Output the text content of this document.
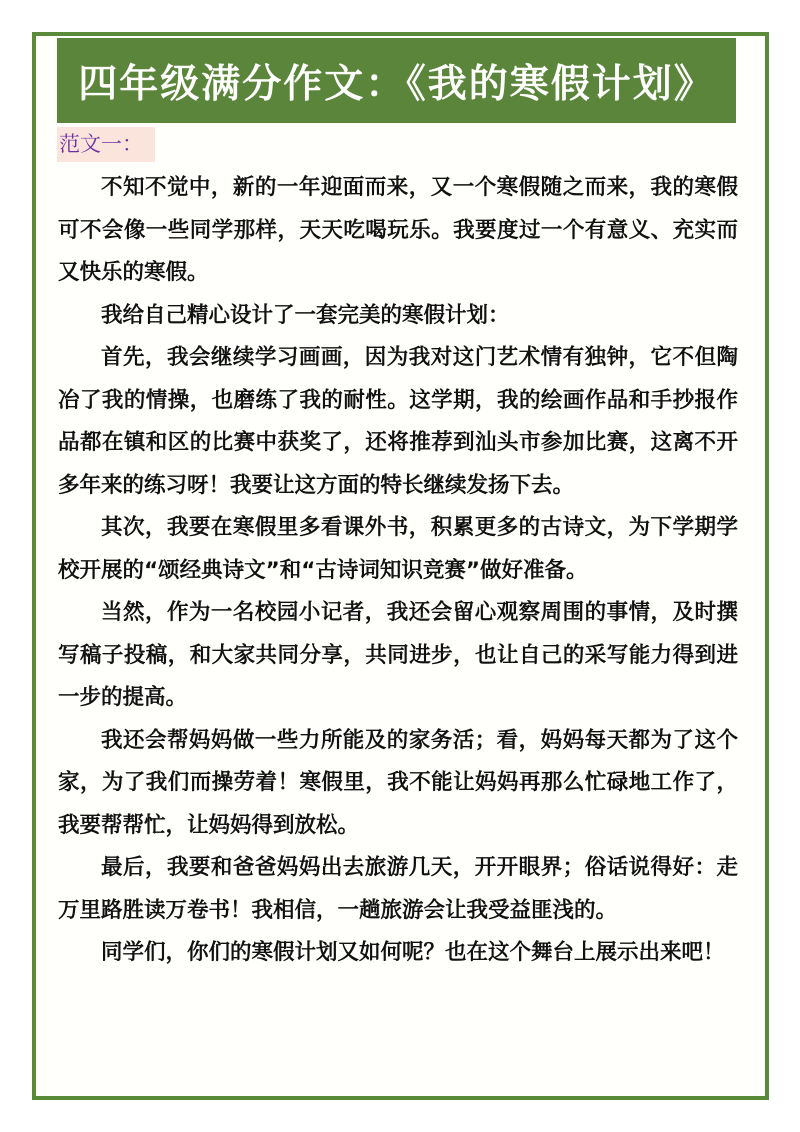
四年级满分作文：《我的寒假计划》
范文一：

不知不觉中，新的一年迎面而来，又一个寒假随之而来，我的寒假可不会像一些同学那样，天天吃喝玩乐。我要度过一个有意义、充实而又快乐的寒假。

我给自己精心设计了一套完美的寒假计划：

首先，我会继续学习画画，因为我对这门艺术情有独钟，它不但陶冶了我的情操，也磨练了我的耐性。这学期，我的绘画作品和手抄报作品都在镇和区的比赛中获奖了，还将推荐到汕头市参加比赛，这离不开多年来的练习呀！我要让这方面的特长继续发扬下去。

其次，我要在寒假里多看课外书，积累更多的古诗文，为下学期学校开展的“颂经典诗文”和“古诗词知识竞赛”做好准备。

当然，作为一名校园小记者，我还会留心观察周围的事情，及时撰写稿子投稿，和大家共同分享，共同进步，也让自己的采写能力得到进一步的提高。

我还会帮妈妈做一些力所能及的家务活；看，妈妈每天都为了这个家，为了我们而操劳着！寒假里，我不能让妈妈再那么忙碌地工作了，我要帮帮忙，让妈妈得到放松。

最后，我要和爸爸妈妈出去旅游几天，开开眼界；俗话说得好：走万里路胜读万卷书！我相信，一趟旅游会让我受益匪浅的。

同学们，你们的寒假计划又如何呢？也在这个舞台上展示出来吧！
